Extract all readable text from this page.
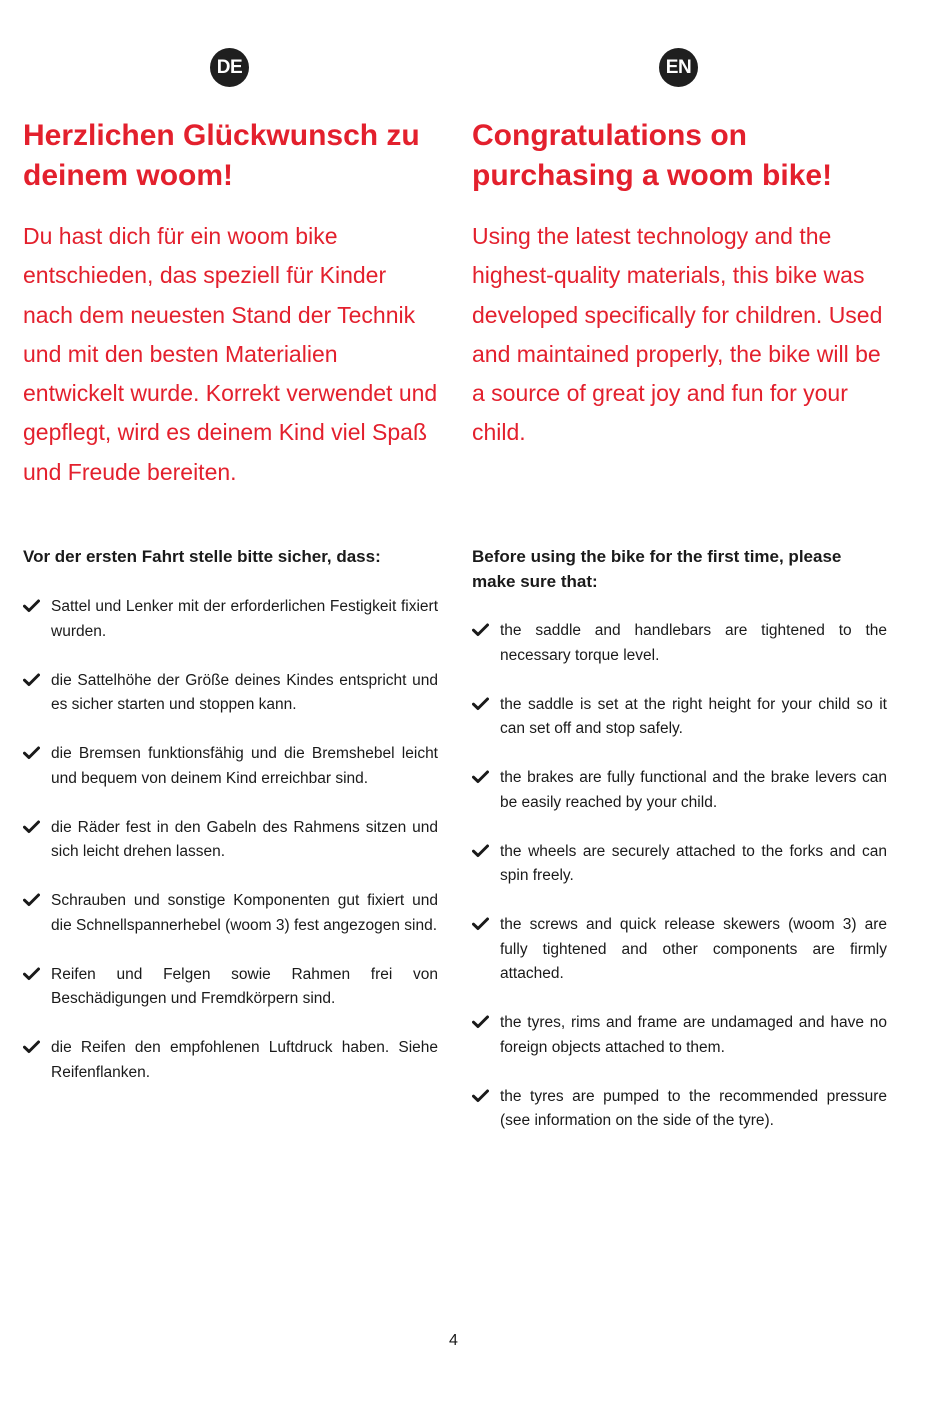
DE
Herzlichen Glückwunsch zu deinem woom!

Du hast dich für ein woom bike entschieden, das speziell für Kinder nach dem neuesten Stand der Technik und mit den besten Materialien entwickelt wurde. Korrekt verwendet und gepflegt, wird es deinem Kind viel Spaß und Freude bereiten.

Vor der ersten Fahrt stelle bitte sicher, dass:
Sattel und Lenker mit der erforderlichen Festigkeit fixiert wurden.
die Sattelhöhe der Größe deines Kindes entspricht und es sicher starten und stoppen kann.
die Bremsen funktionsfähig und die Bremshebel leicht und bequem von deinem Kind erreichbar sind.
die Räder fest in den Gabeln des Rahmens sitzen und sich leicht drehen lassen.
Schrauben und sonstige Komponenten gut fixiert und die Schnellspannerhebel (woom 3) fest angezogen sind.
Reifen und Felgen sowie Rahmen frei von Beschädigungen und Fremdkörpern sind.
die Reifen den empfohlenen Luftdruck haben. Siehe Reifenflanken.
EN
Congratulations on purchasing a woom bike!

Using the latest technology and the highest-quality materials, this bike was developed specifically for children. Used and maintained properly, the bike will be a source of great joy and fun for your child.

Before using the bike for the first time, please make sure that:
the saddle and handlebars are tightened to the necessary torque level.
the saddle is set at the right height for your child so it can set off and stop safely.
the brakes are fully functional and the brake levers can be easily reached by your child.
the wheels are securely attached to the forks and can spin freely.
the screws and quick release skewers (woom 3) are fully tightened and other components are firmly attached.
the tyres, rims and frame are undamaged and have no foreign objects attached to them.
the tyres are pumped to the recommended pressure (see information on the side of the tyre).
4
